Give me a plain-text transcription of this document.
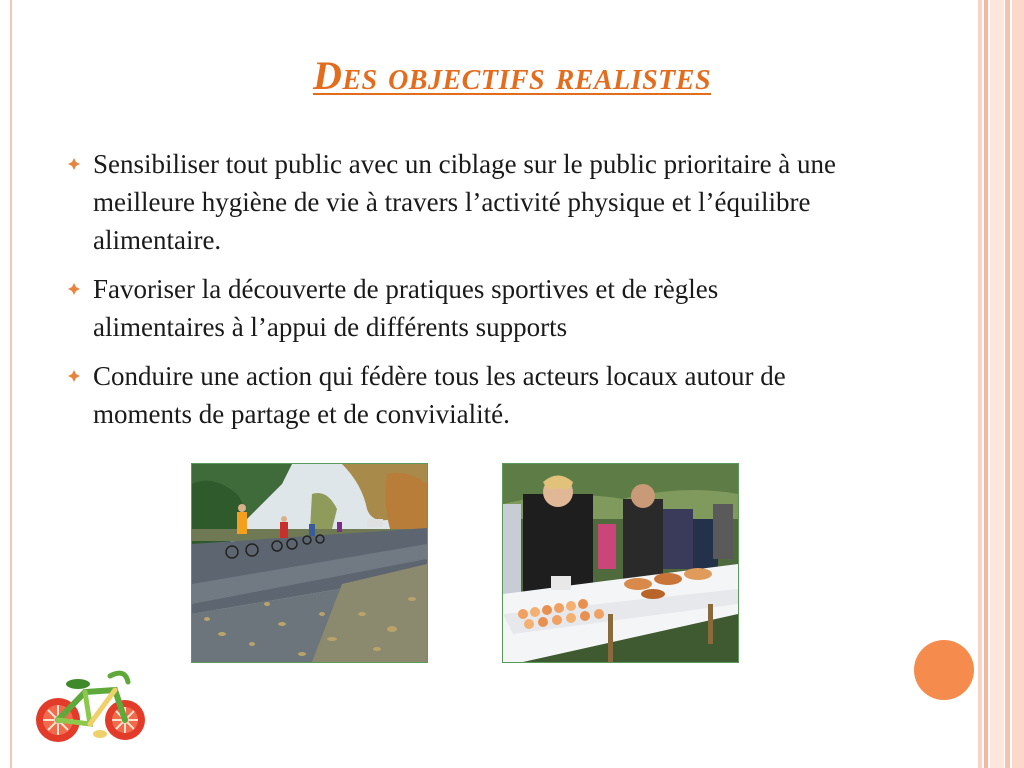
Des objectifs realistes
Sensibiliser tout public avec un ciblage sur le public prioritaire à une meilleure hygiène de vie à travers l’activité physique et l’équilibre alimentaire.
Favoriser la découverte de pratiques sportives et de règles alimentaires à l’appui de différents supports
Conduire une action qui fédère tous les acteurs locaux autour de moments de partage et de convivialité.
